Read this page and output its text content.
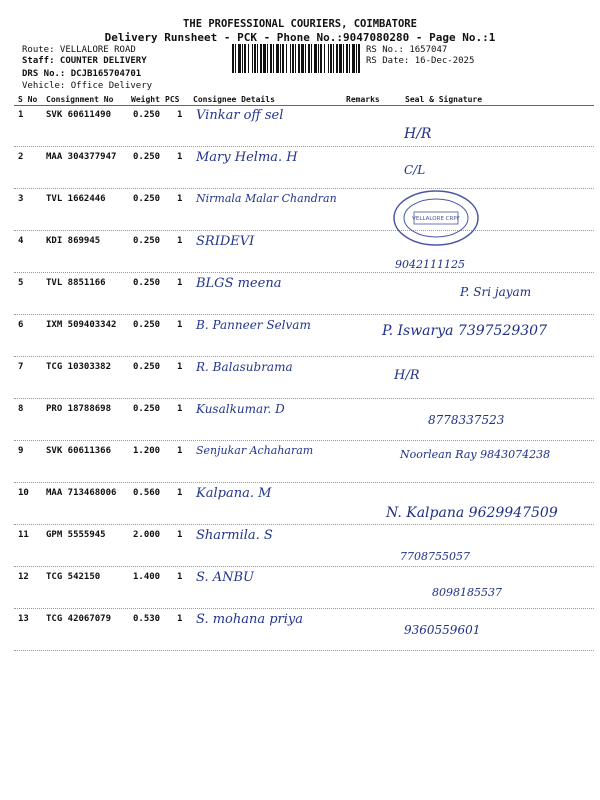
THE PROFESSIONAL COURIERS, COIMBATORE
Delivery Runsheet - PCK - Phone No.:9047080280 - Page No.:1
Route: VELLALORE ROAD
Staff: COUNTER DELIVERY
DRS No.: DCJB165704701
Vehicle: Office Delivery
RS No.: 1657047
RS Date: 16-Dec-2025
S No Consignment No Weight PCS Consignee Details	Remarks	Seal & Signature
1	SVK 60611490 0.250 1 Vinkar off sel
H/R
2	MAA 304377947 0.250 1 Mary Helma. H
C/L
3	TVL 1662446	0.250 1 Nirmala Malar Chandran
4	KDI 869945	0.250 1 SRIDEVI
9042111125
5	TVL 8851166	0.250 1 BLGS meena
P. Sri jayam
6	IXM 509403342 0.250 1 B. Panneer Selvam	P. Iswarya 7397529307
7	TCG 10303382 0.250 1 R. Balasubrama
H/R
8	PRO 18788698 0.250 1 Kusalkumar. D
8778337523
9	SVK 60611366 1.200 1 Senjukar Achaharam	Noorlean Ray 9843074238
10 MAA 713468006 0.560 1 Kalpana. M
N. Kalpana 9629947509
11 GPM 5555945	2.000 1 Sharmila. S
7708755057
12 TCG 542150	1.400 1 S. ANBU
8098185537
13 TCG 42067079 0.530 1 S. mohana priya
9360559601
VELLALORE CRPF
